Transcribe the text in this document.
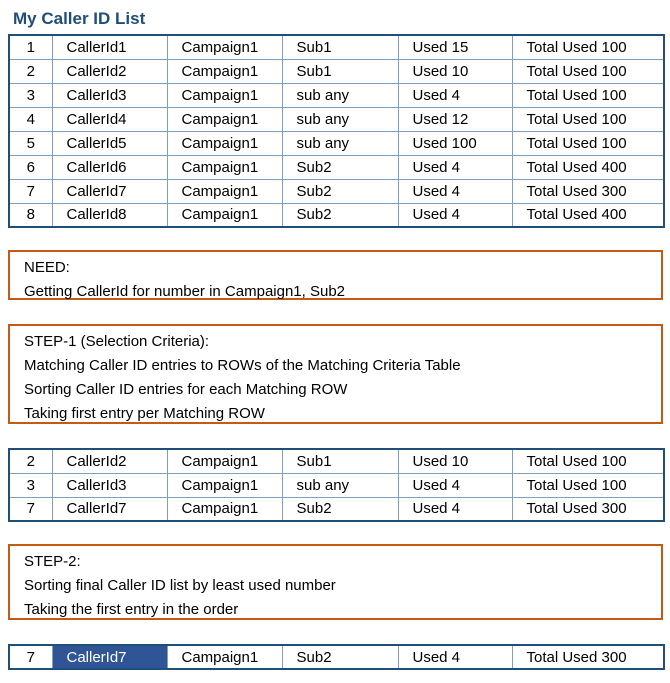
My Caller ID List
1	CallerId1	Campaign1	Sub1	Used 15	Total Used 100
2	CallerId2	Campaign1	Sub1	Used 10	Total Used 100
3	CallerId3	Campaign1	sub any	Used 4	Total Used 100
4	CallerId4	Campaign1	sub any	Used 12	Total Used 100
5	CallerId5	Campaign1	sub any	Used 100	Total Used 100
6	CallerId6	Campaign1	Sub2	Used 4	Total Used 400
7	CallerId7	Campaign1	Sub2	Used 4	Total Used 300
8	CallerId8	Campaign1	Sub2	Used 4	Total Used 400
NEED:
Getting CallerId for number in Campaign1, Sub2
STEP-1 (Selection Criteria):
Matching Caller ID entries to ROWs of the Matching Criteria Table
Sorting Caller ID entries for each Matching ROW
Taking first entry per Matching ROW
2	CallerId2	Campaign1	Sub1	Used 10	Total Used 100
3	CallerId3	Campaign1	sub any	Used 4	Total Used 100
7	CallerId7	Campaign1	Sub2	Used 4	Total Used 300
STEP-2:
Sorting final Caller ID list by least used number
Taking the first entry in the order
7	CallerId7	Campaign1	Sub2	Used 4	Total Used 300
